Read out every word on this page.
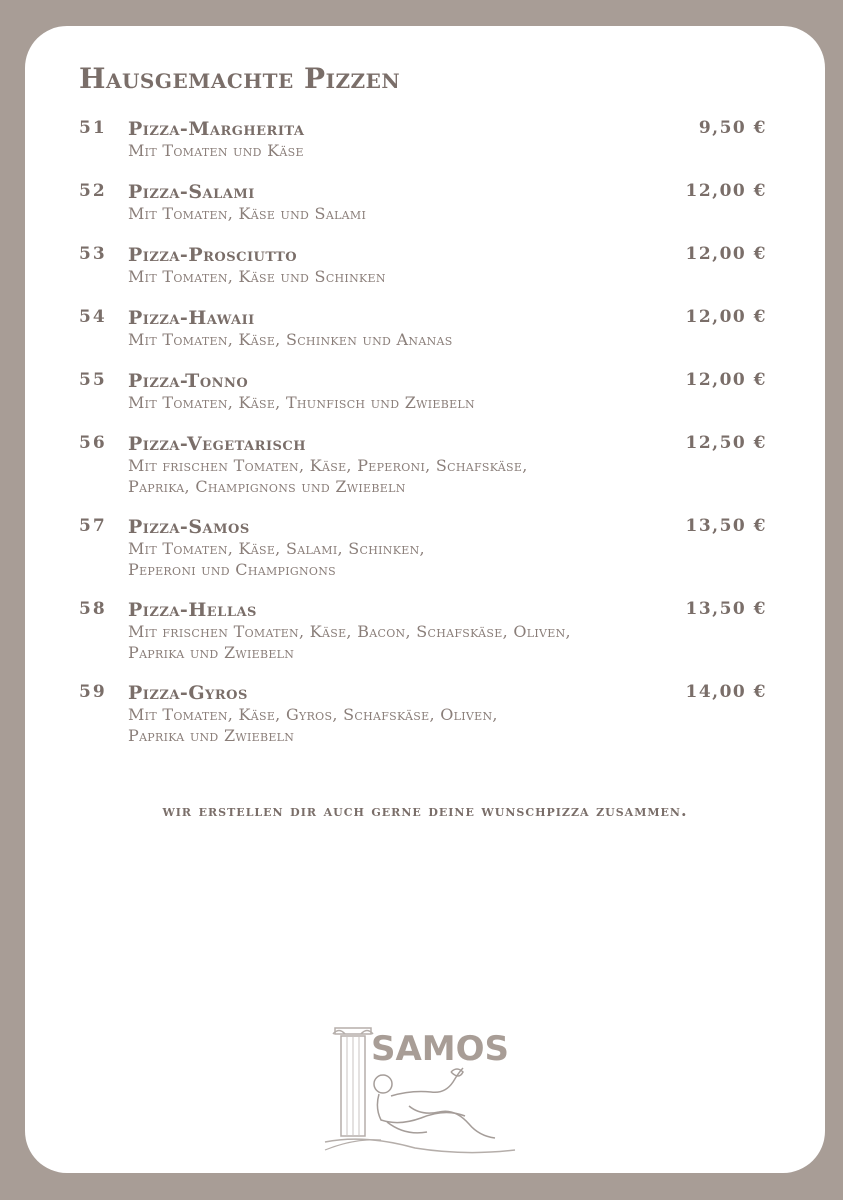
Hausgemachte Pizzen
51	Pizza-Margherita
Mit Tomaten und Käse
9,50 €
52	Pizza-Salami
Mit Tomaten, Käse und Salami
12,00 €
53	Pizza-Prosciutto
Mit Tomaten, Käse und Schinken
12,00 €
54	Pizza-Hawaii
Mit Tomaten, Käse, Schinken und Ananas
12,00 €
55	Pizza-Tonno
Mit Tomaten, Käse, Thunfisch und Zwiebeln
12,00 €
56	Pizza-Vegetarisch
Mit frischen Tomaten, Käse, Peperoni, Schafskäse,
Paprika, Champignons und Zwiebeln
12,50 €
57	Pizza-Samos
Mit Tomaten, Käse, Salami, Schinken,
Peperoni und Champignons
13,50 €
58	Pizza-Hellas
Mit frischen Tomaten, Käse, Bacon, Schafskäse, Oliven,
Paprika und Zwiebeln
13,50 €
59	Pizza-Gyros
Mit Tomaten, Käse, Gyros, Schafskäse, Oliven,
Paprika und Zwiebeln
14,00 €
wir erstellen dir auch gerne deine wunschpizza zusammen.
SAMOS
